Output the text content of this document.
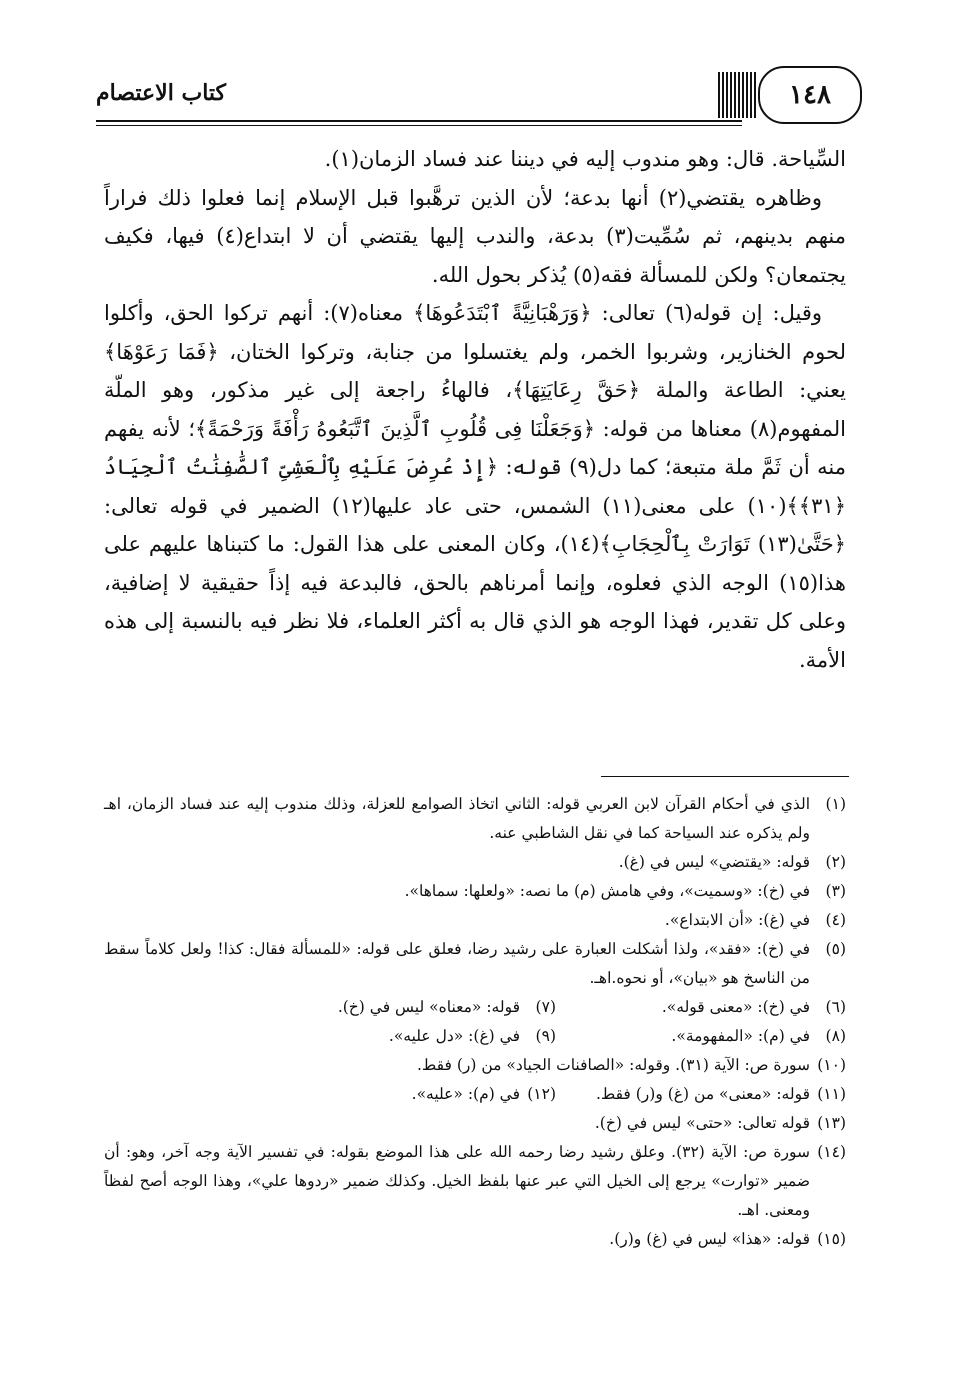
كتاب الاعتصام	١٤٨

السِّياحة. قال: وهو مندوب إليه في ديننا عند فساد الزمان(١).

وظاهره يقتضي(٢) أنها بدعة؛ لأن الذين ترهَّبوا قبل الإسلام إنما فعلوا ذلك فراراً منهم بدينهم، ثم سُمِّيت(٣) بدعة، والندب إليها يقتضي أن لا ابتداع(٤) فيها، فكيف يجتمعان؟ ولكن للمسألة فقه(٥) يُذكر بحول الله.

وقيل: إن قوله(٦) تعالى: ﴿وَرَهْبَانِيَّةً ٱبْتَدَعُوهَا﴾ معناه(٧): أنهم تركوا الحق، وأكلوا لحوم الخنازير، وشربوا الخمر، ولم يغتسلوا من جنابة، وتركوا الختان، ﴿فَمَا رَعَوْهَا﴾ يعني: الطاعة والملة ﴿حَقَّ رِعَايَتِهَا﴾، فالهاءُ راجعة إلى غير مذكور، وهو الملّة المفهوم(٨) معناها من قوله: ﴿وَجَعَلْنَا فِى قُلُوبِ ٱلَّذِينَ ٱتَّبَعُوهُ رَأْفَةً وَرَحْمَةً﴾؛ لأنه يفهم منه أن ثَمَّ ملة متبعة؛ كما دل(٩) قوله: ﴿إِذْ عُرِضَ عَلَيْهِ بِٱلْعَشِىِّ ٱلصَّٰفِنَٰتُ ٱلْجِيَادُ ﴿٣١﴾﴾(١٠) على معنى(١١) الشمس، حتى عاد عليها(١٢) الضمير في قوله تعالى: ﴿حَتَّىٰ(١٣) تَوَارَتْ بِٱلْحِجَابِ﴾(١٤)، وكان المعنى على هذا القول: ما كتبناها عليهم على هذا(١٥) الوجه الذي فعلوه، وإنما أمرناهم بالحق، فالبدعة فيه إذاً حقيقية لا إضافية، وعلى كل تقدير، فهذا الوجه هو الذي قال به أكثر العلماء، فلا نظر فيه بالنسبة إلى هذه الأمة.

(١)
الذي في أحكام القرآن لابن العربي قوله: الثاني اتخاذ الصوامع للعزلة، وذلك مندوب إليه عند فساد الزمان، اهـ ولم يذكره عند السياحة كما في نقل الشاطبي عنه.
(٢)
قوله: «يقتضي» ليس في (غ).
(٣)
في (خ): «وسميت»، وفي هامش (م) ما نصه: «ولعلها: سماها».
(٤)
في (غ): «أن الابتداع».
(٥)
في (خ): «فقد»، ولذا أشكلت العبارة على رشيد رضا، فعلق على قوله: «للمسألة فقال: كذا! ولعل كلاماً سقط من الناسخ هو «بيان»، أو نحوه.اهـ.
(٦)
في (خ): «معنى قوله».
(٧)
قوله: «معناه» ليس في (خ).
(٨)
في (م): «المفهومة».
(٩)
في (غ): «دل عليه».
(١٠)
سورة ص: الآية (٣١). وقوله: «الصافنات الجياد» من (ر) فقط.
(١١)
قوله: «معنى» من (غ) و(ر) فقط.
(١٢)
في (م): «عليه».
(١٣)
قوله تعالى: «حتى» ليس في (خ).
(١٤)
سورة ص: الآية (٣٢). وعلق رشيد رضا رحمه الله على هذا الموضع بقوله: في تفسير الآية وجه آخر، وهو: أن ضمير «توارت» يرجع إلى الخيل التي عبر عنها بلفظ الخيل. وكذلك ضمير «ردوها علي»، وهذا الوجه أصح لفظاً ومعنى. اهـ.
(١٥)
قوله: «هذا» ليس في (غ) و(ر).
